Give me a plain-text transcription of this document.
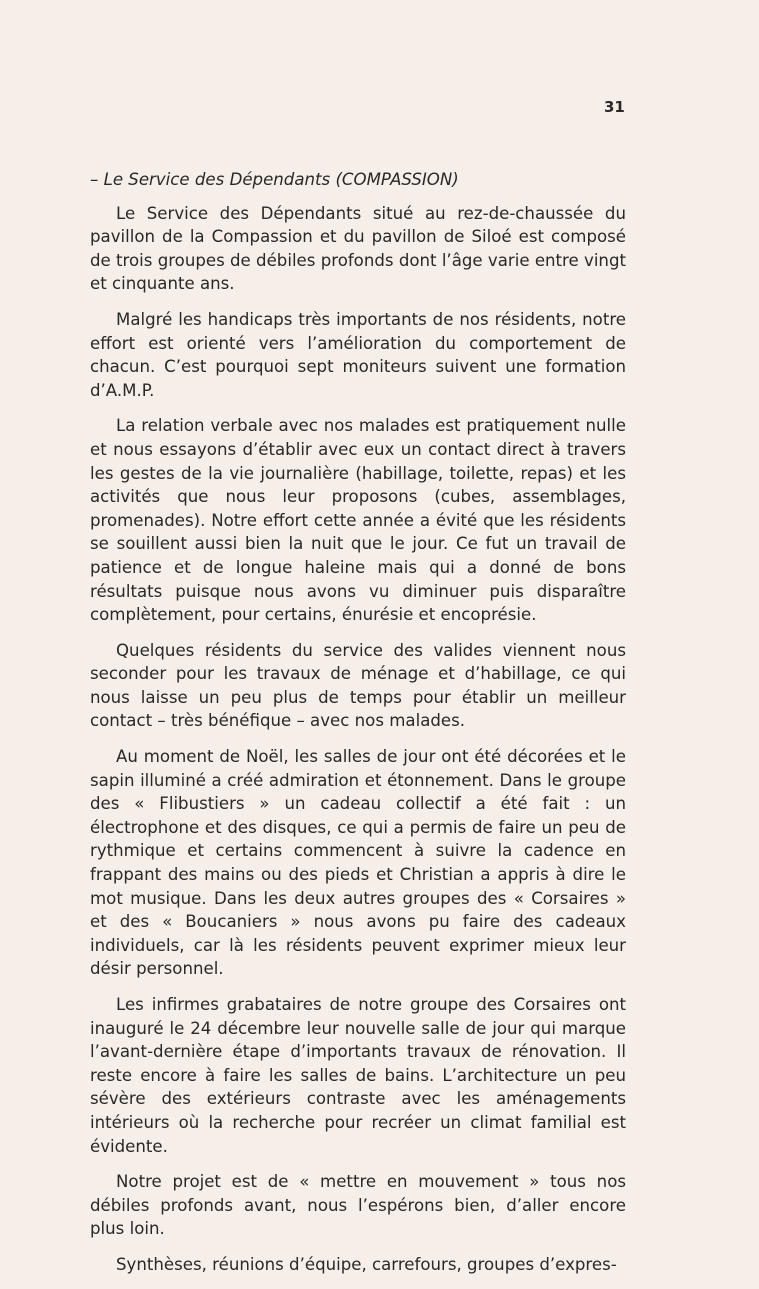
31
– Le Service des Dépendants (COMPASSION)

Le Service des Dépendants situé au rez-de-chaussée du pavillon de la Compassion et du pavillon de Siloé est composé de trois groupes de débiles profonds dont l’âge varie entre vingt et cinquante ans.

Malgré les handicaps très importants de nos résidents, notre effort est orienté vers l’amélioration du comportement de chacun. C’est pourquoi sept moniteurs suivent une formation d’A.M.P.

La relation verbale avec nos malades est pratiquement nulle et nous essayons d’établir avec eux un contact direct à travers les gestes de la vie journalière (habillage, toilette, repas) et les activités que nous leur proposons (cubes, assemblages, promenades). Notre effort cette année a évité que les résidents se souillent aussi bien la nuit que le jour. Ce fut un travail de patience et de longue haleine mais qui a donné de bons résultats puisque nous avons vu diminuer puis disparaître complètement, pour certains, énurésie et encoprésie.

Quelques résidents du service des valides viennent nous seconder pour les travaux de ménage et d’habillage, ce qui nous laisse un peu plus de temps pour établir un meilleur contact – très bénéfique – avec nos malades.

Au moment de Noël, les salles de jour ont été décorées et le sapin illuminé a créé admiration et étonnement. Dans le groupe des « Flibustiers » un cadeau collectif a été fait : un électrophone et des disques, ce qui a permis de faire un peu de rythmique et certains commencent à suivre la cadence en frappant des mains ou des pieds et Christian a appris à dire le mot musique. Dans les deux autres groupes des « Corsaires » et des « Boucaniers » nous avons pu faire des cadeaux individuels, car là les résidents peuvent exprimer mieux leur désir personnel.

Les infirmes grabataires de notre groupe des Corsaires ont inauguré le 24 décembre leur nouvelle salle de jour qui marque l’avant-dernière étape d’importants travaux de rénovation. Il reste encore à faire les salles de bains. L’architecture un peu sévère des extérieurs contraste avec les aménagements intérieurs où la recherche pour recréer un climat familial est évidente.

Notre projet est de « mettre en mouvement » tous nos débiles profonds avant, nous l’espérons bien, d’aller encore plus loin.

Synthèses, réunions d’équipe, carrefours, groupes d’expres-
